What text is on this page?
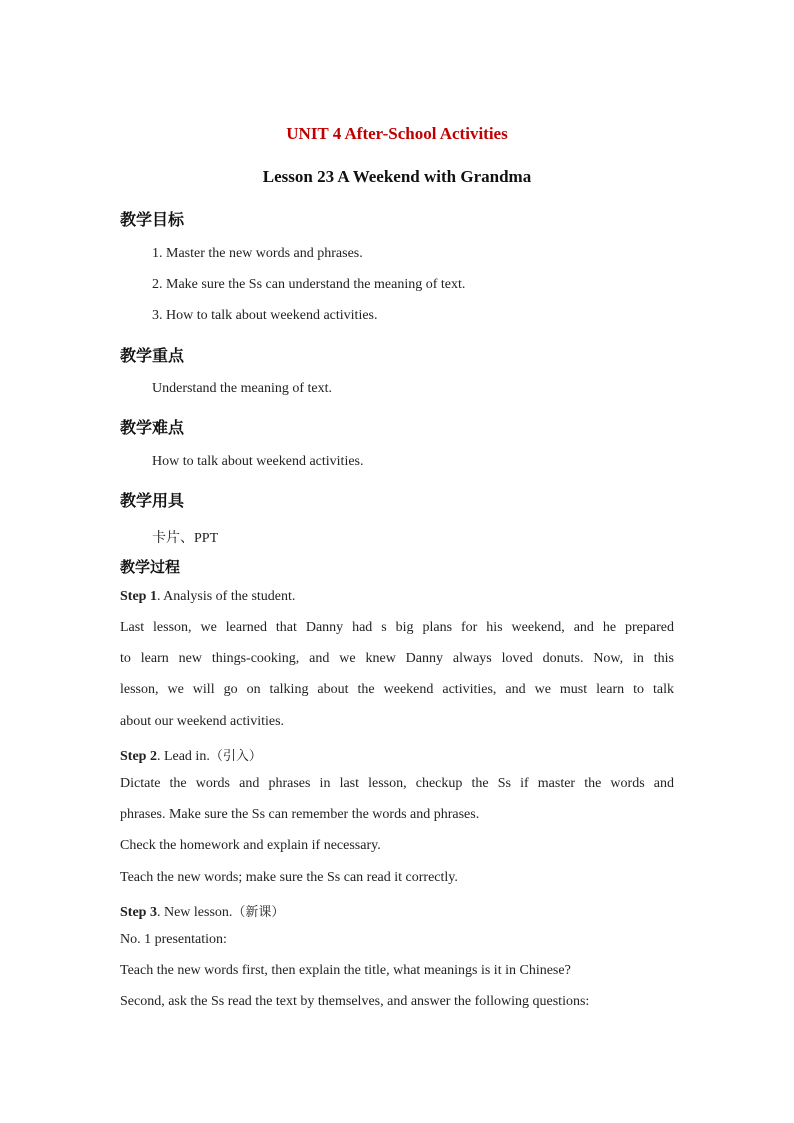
UNIT 4 After-School Activities
Lesson 23 A Weekend with Grandma
教学目标
1. Master the new words and phrases.
2. Make sure the Ss can understand the meaning of text.
3. How to talk about weekend activities.
教学重点
Understand the meaning of text.
教学难点
How to talk about weekend activities.
教学用具
卡片、PPT
教学过程
Step 1. Analysis of the student.
Last lesson, we learned that Danny had s big plans for his weekend, and he prepared
to learn new things-cooking, and we knew Danny always loved donuts. Now, in this
lesson, we will go on talking about the weekend activities, and we must learn to talk
about our weekend activities.
Step 2. Lead in.（引入）
Dictate the words and phrases in last lesson, checkup the Ss if master the words and
phrases. Make sure the Ss can remember the words and phrases.
Check the homework and explain if necessary.
Teach the new words; make sure the Ss can read it correctly.
Step 3. New lesson.（新课）
No. 1 presentation:
Teach the new words first, then explain the title, what meanings is it in Chinese?
Second, ask the Ss read the text by themselves, and answer the following questions:
